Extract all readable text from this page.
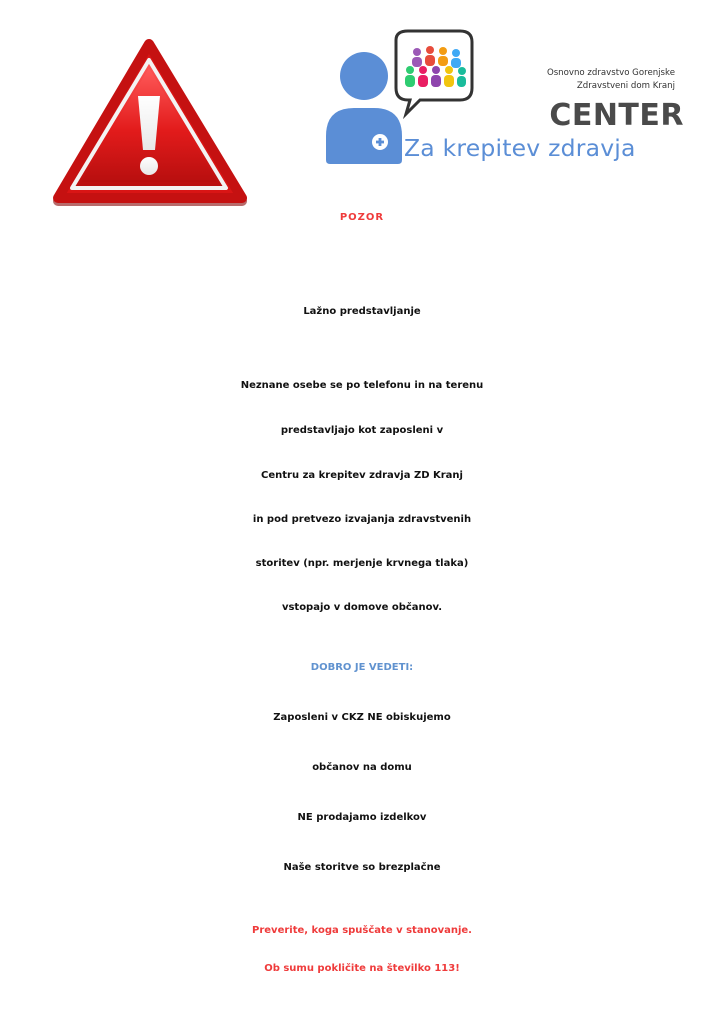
Osnovno zdravstvo Gorenjske
Zdravstveni dom Kranj
CENTER
Za krepitev zdravja
POZOR
Lažno predstavljanje
Neznane osebe se po telefonu in na terenu
predstavljajo kot zaposleni v
Centru za krepitev zdravja ZD Kranj
in pod pretvezo izvajanja zdravstvenih
storitev (npr. merjenje krvnega tlaka)
vstopajo v domove občanov.
DOBRO JE VEDETI:
Zaposleni v CKZ NE obiskujemo
občanov na domu
NE prodajamo izdelkov
Naše storitve so brezplačne
Preverite, koga spuščate v stanovanje.
Ob sumu pokličite na številko 113!
